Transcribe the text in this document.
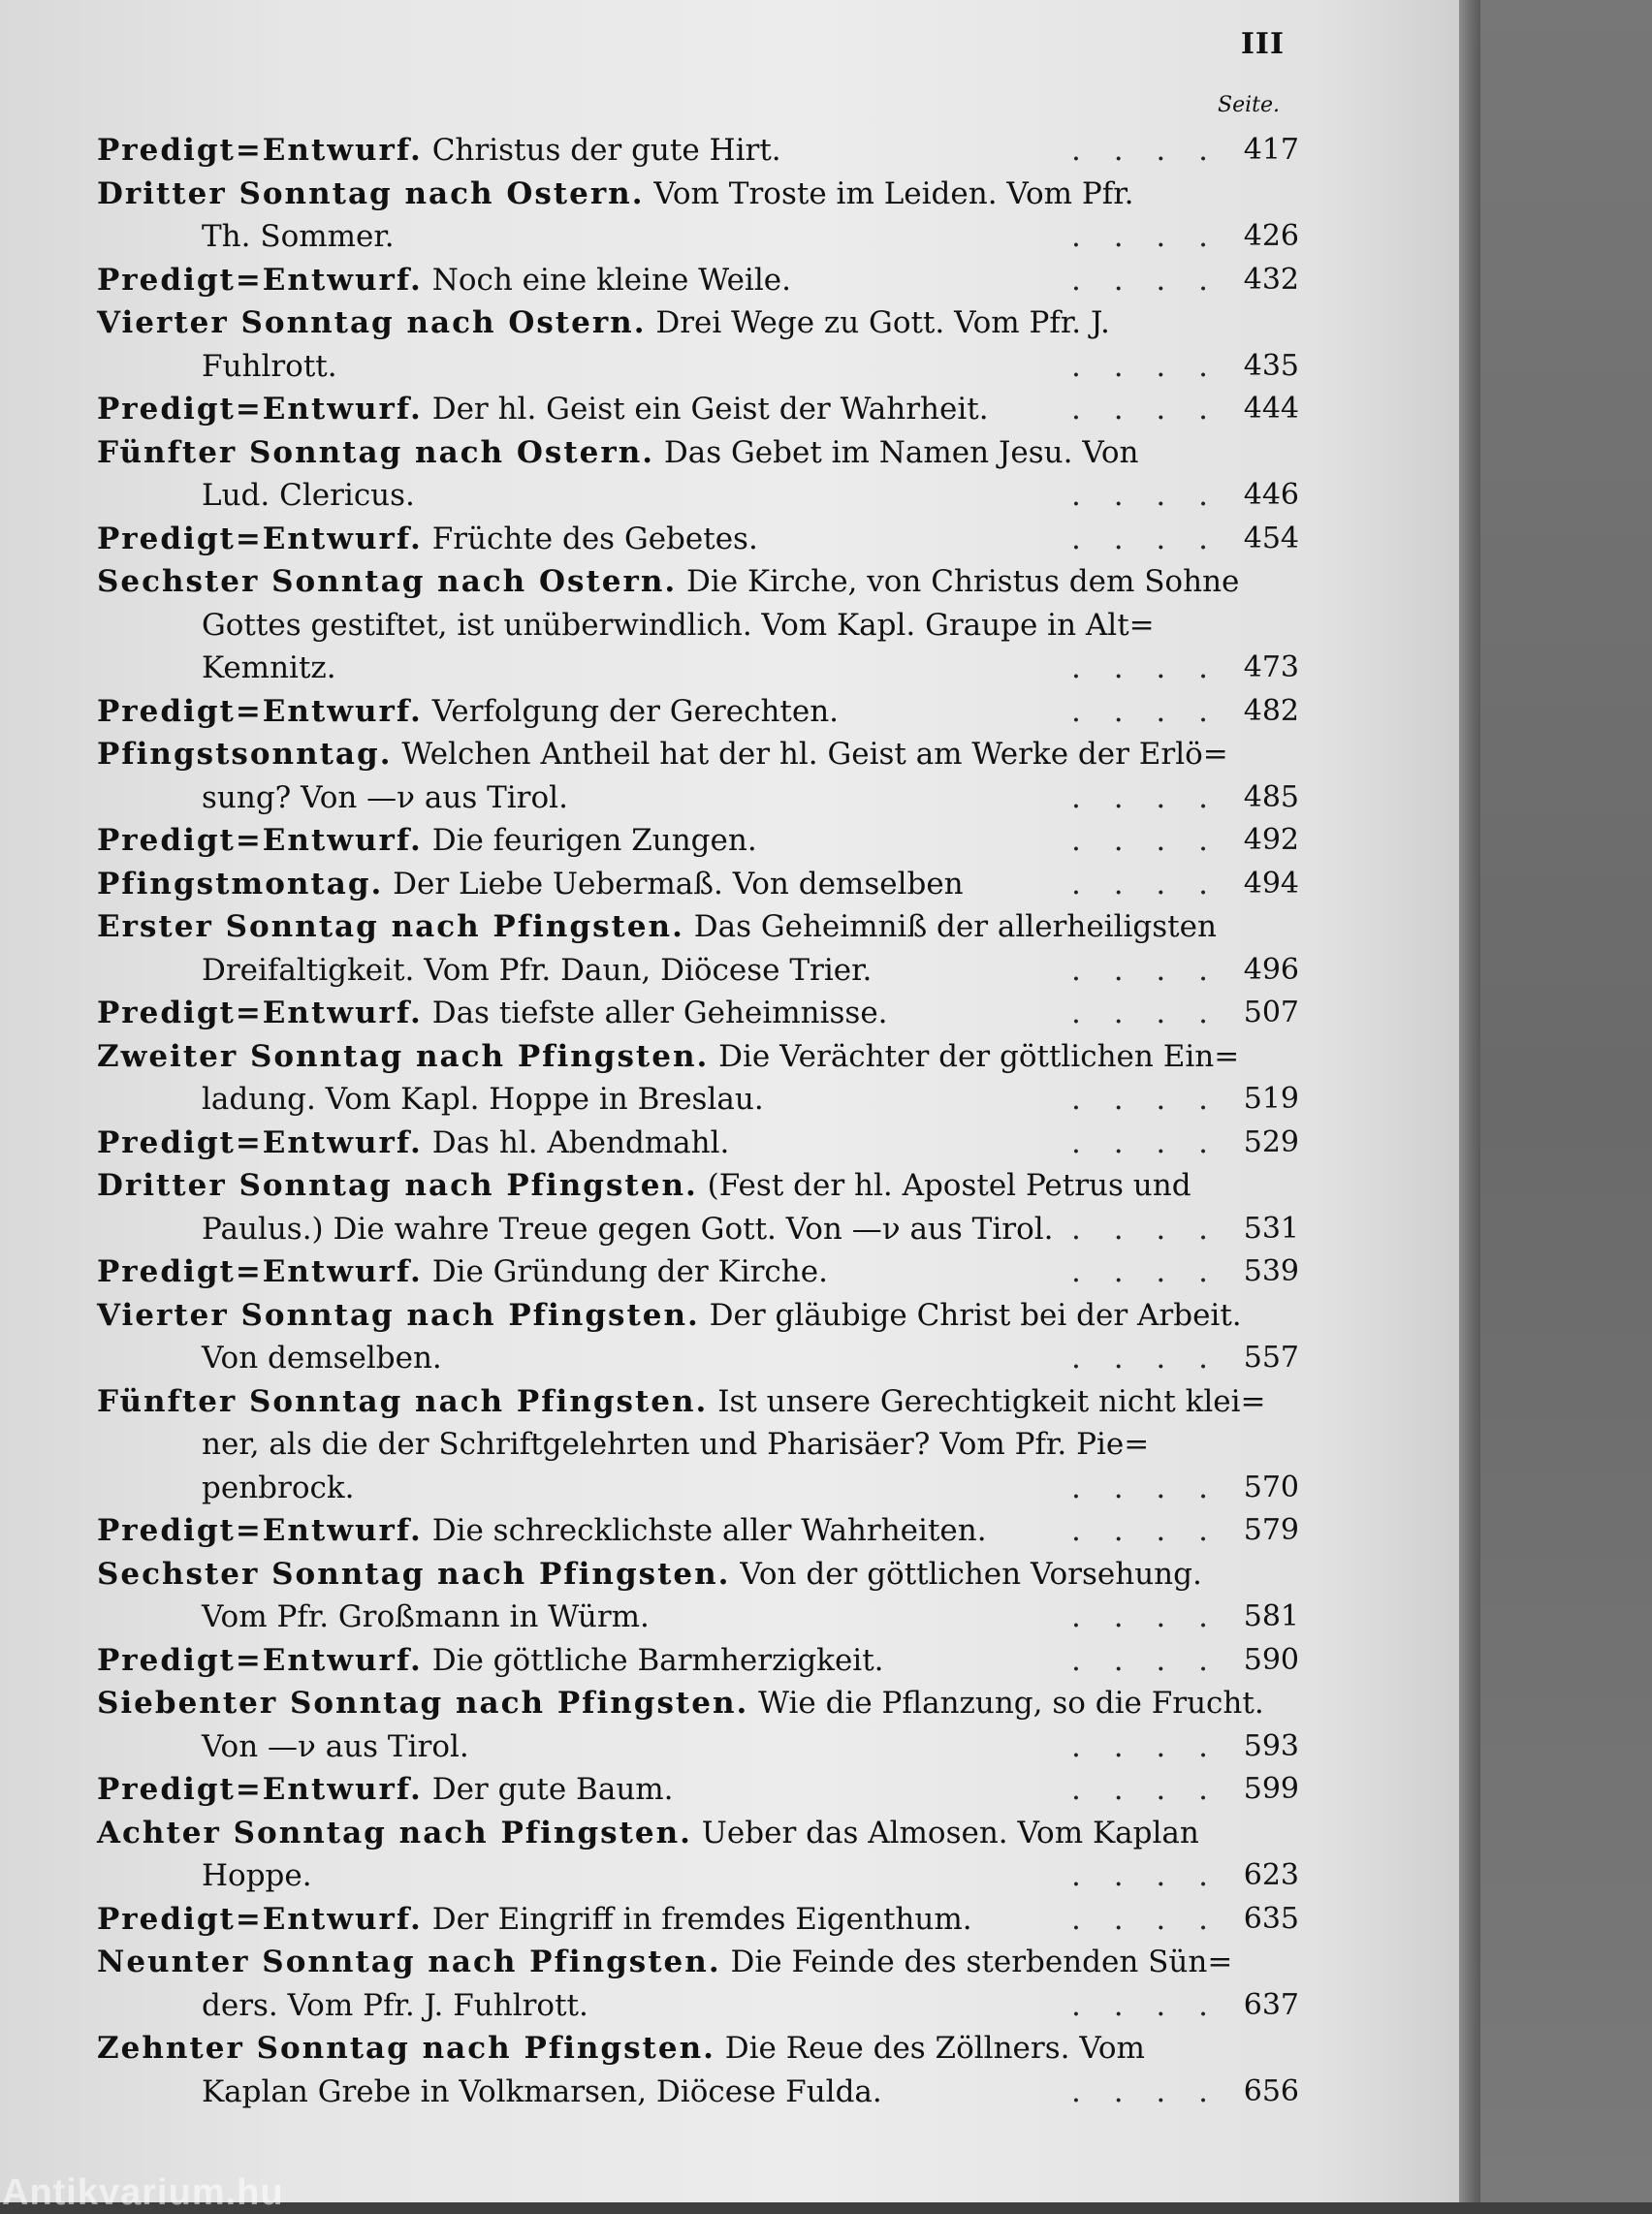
III
Seite.
Predigt=Entwurf. Christus der gute Hirt.	. . . . 417
Dritter Sonntag nach Ostern. Vom Troste im Leiden. Vom Pfr.
Th. Sommer.	. . . . 426
Predigt=Entwurf. Noch eine kleine Weile.	. . . . 432
Vierter Sonntag nach Ostern. Drei Wege zu Gott. Vom Pfr. J.
Fuhlrott.	. . . . 435
Predigt=Entwurf. Der hl. Geist ein Geist der Wahrheit.	. . . . 444
Fünfter Sonntag nach Ostern. Das Gebet im Namen Jesu. Von
Lud. Clericus.	. . . . 446
Predigt=Entwurf. Früchte des Gebetes.	. . . . 454
Sechster Sonntag nach Ostern. Die Kirche, von Christus dem Sohne
Gottes gestiftet, ist unüberwindlich. Vom Kapl. Graupe in Alt=
Kemnitz.	. . . . 473
Predigt=Entwurf. Verfolgung der Gerechten.	. . . . 482
Pfingstsonntag. Welchen Antheil hat der hl. Geist am Werke der Erlö=
sung? Von —ν aus Tirol.	. . . . 485
Predigt=Entwurf. Die feurigen Zungen.	. . . . 492
Pfingstmontag. Der Liebe Uebermaß. Von demselben	. . . . 494
Erster Sonntag nach Pfingsten. Das Geheimniß der allerheiligsten
Dreifaltigkeit. Vom Pfr. Daun, Diöcese Trier.	. . . . 496
Predigt=Entwurf. Das tiefste aller Geheimnisse.	. . . . 507
Zweiter Sonntag nach Pfingsten. Die Verächter der göttlichen Ein=
ladung. Vom Kapl. Hoppe in Breslau.	. . . . 519
Predigt=Entwurf. Das hl. Abendmahl.	. . . . 529
Dritter Sonntag nach Pfingsten. (Fest der hl. Apostel Petrus und
Paulus.) Die wahre Treue gegen Gott. Von —ν aus Tirol. . . . . 531
Predigt=Entwurf. Die Gründung der Kirche.	. . . . 539
Vierter Sonntag nach Pfingsten. Der gläubige Christ bei der Arbeit.
Von demselben.	. . . . 557
Fünfter Sonntag nach Pfingsten. Ist unsere Gerechtigkeit nicht klei=
ner, als die der Schriftgelehrten und Pharisäer? Vom Pfr. Pie=
penbrock.	. . . . 570
Predigt=Entwurf. Die schrecklichste aller Wahrheiten.	. . . . 579
Sechster Sonntag nach Pfingsten. Von der göttlichen Vorsehung.
Vom Pfr. Großmann in Würm.	. . . . 581
Predigt=Entwurf. Die göttliche Barmherzigkeit.	. . . . 590
Siebenter Sonntag nach Pfingsten. Wie die Pflanzung, so die Frucht.
Von —ν aus Tirol.	. . . . 593
Predigt=Entwurf. Der gute Baum.	. . . . 599
Achter Sonntag nach Pfingsten. Ueber das Almosen. Vom Kaplan
Hoppe.	. . . . 623
Predigt=Entwurf. Der Eingriff in fremdes Eigenthum.	. . . . 635
Neunter Sonntag nach Pfingsten. Die Feinde des sterbenden Sün=
ders. Vom Pfr. J. Fuhlrott.	. . . . 637
Zehnter Sonntag nach Pfingsten. Die Reue des Zöllners. Vom
Kaplan Grebe in Volkmarsen, Diöcese Fulda.	. . . . 656
Antikvarium.hu
